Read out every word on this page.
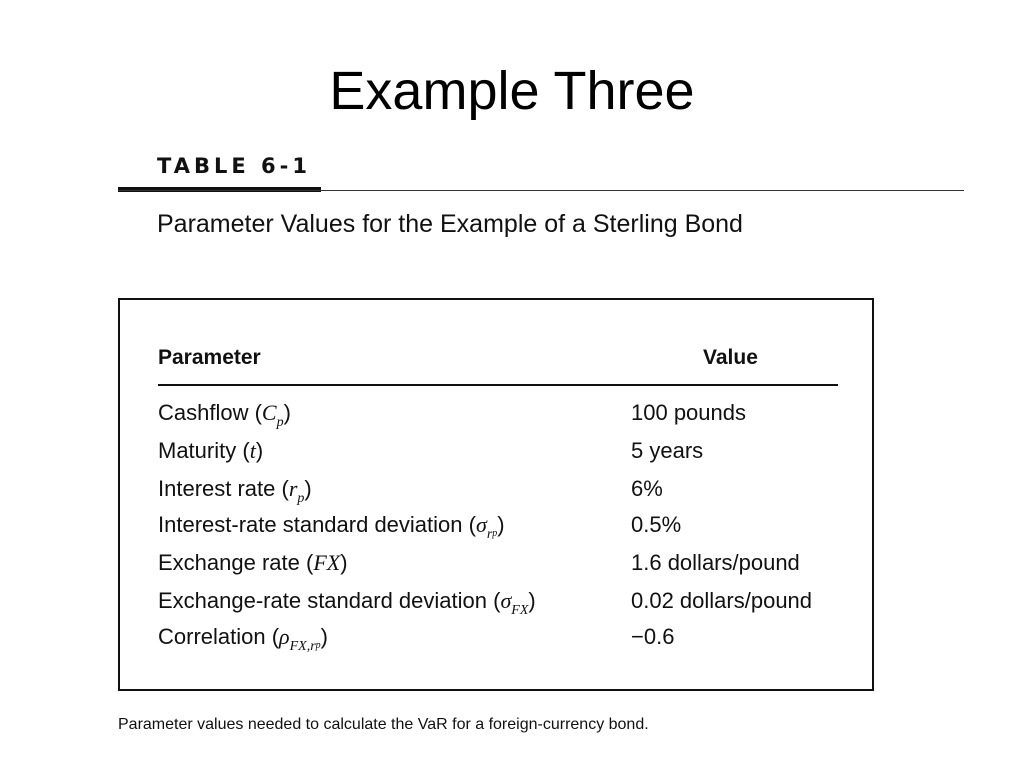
Example Three
TABLE 6-1
Parameter Values for the Example of a Sterling Bond
Parameter	Value
Cashflow $(C_p)$	100 pounds
Maturity (t)	5 years
Interest rate $(r_p)$	6%
Interest-rate standard deviation $(\sigma_rp)$	0.5%
Exchange rate (FX)	1.6 dollars/pound
Exchange-rate standard deviation $(\sigma_{FX})$	0.02 dollars/pound
Correlation $(\rho_{FX,r}p)$	−0.6
Parameter values needed to calculate the VaR for a foreign-currency bond.
